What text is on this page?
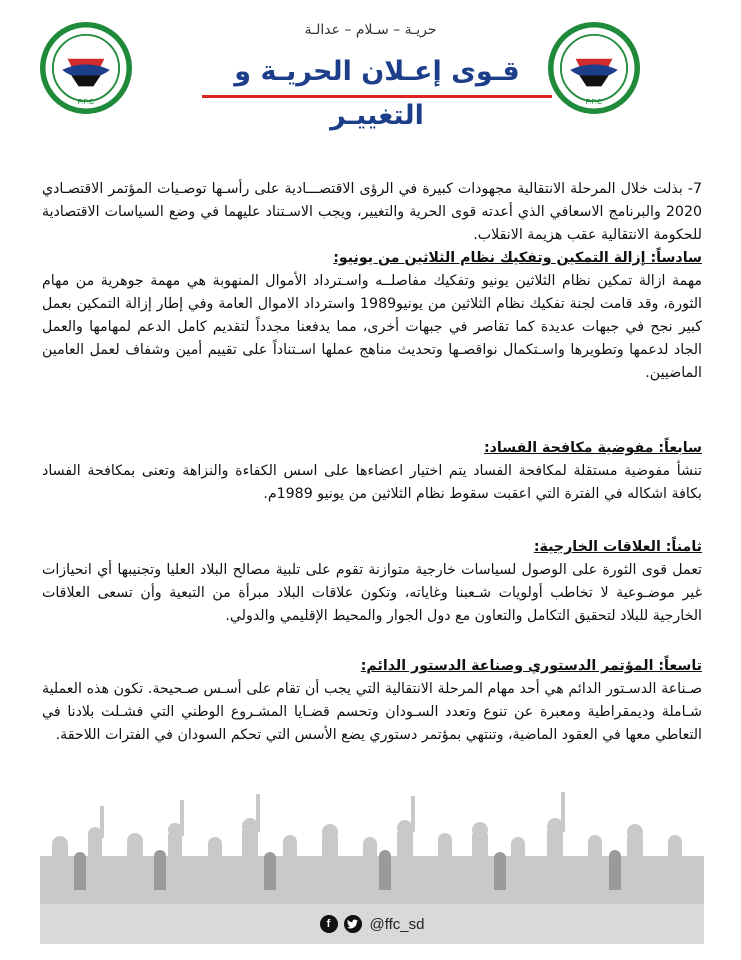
حريـة – سـلام – عدالـة
F.F.C	F.F.C
قـوى إعـلان الحريـة و التغييـر

7- بذلت خلال المرحلة الانتقالية مجهودات كبيرة في الرؤى الاقتصـــادية على رأسـها توصـيات المؤتمر الاقتصـادي 2020 والبرنامج الاسعافي الذي أعدته قوى الحرية والتغيير، ويجب الاسـتناد عليهما في وضع السياسات الاقتصادية للحكومة الانتقالية عقب هزيمة الانقلاب.

سادساً: إزالة التمكين وتفكيك نظام الثلاثين من يونيو:

مهمة ازالة تمكين نظام الثلاثين يونيو وتفكيك مفاصلــه واسـترداد الأموال المنهوبة هي مهمة جوهرية من مهام الثورة، وقد قامت لجنة تفكيك نظام الثلاثين من يونيو1989 واسترداد الاموال العامة وفي إطار إزالة التمكين بعمل كبير نجح في جبهات عديدة كما تقاصر في جبهات أخرى، مما يدفعنا مجدداً لتقديم كامل الدعم لمهامها والعمل الجاد لدعمها وتطويرها واسـتكمال نواقصـها وتحديث مناهج عملها اسـتناداً على تقييم أمين وشفاف لعمل العامين الماضيين.

سابعاً: مفوضية مكافحة الفساد:

تنشأ مفوضية مستقلة لمكافحة الفساد يتم اختيار اعضاءها على اسس الكفاءة والنزاهة وتعنى بمكافحة الفساد بكافة اشكاله في الفترة التي اعقبت سقوط نظام الثلاثين من يونيو 1989م.

ثامناً: العلاقات الخارجية:

تعمل قوى الثورة على الوصول لسياسات خارجية متوازنة تقوم على تلبية مصالح البلاد العليا وتجنيبها أي انحيازات غير موضـوعية لا تخاطب أولويات شـعبنا وغاياته، وتكون علاقات البلاد مبرأة من التبعية وأن تسعى العلاقات الخارجية للبلاد لتحقيق التكامل والتعاون مع دول الجوار والمحيط الإقليمي والدولي.

تاسعاً: المؤتمر الدستوري وصناعة الدستور الدائم:

صـناعة الدسـتور الدائم هي أحد مهام المرحلة الانتقالية التي يجب أن تقام على أسـس صـحيحة. تكون هذه العملية شـاملة وديمقراطية ومعبرة عن تنوع وتعدد السـودان وتحسم قضـايا المشـروع الوطني التي فشـلت بلادنا في التعاطي معها في العقود الماضية، وتنتهي بمؤتمر دستوري يضع الأسس التي تحكم السودان في الفترات اللاحقة.

f	@ffc_sd
